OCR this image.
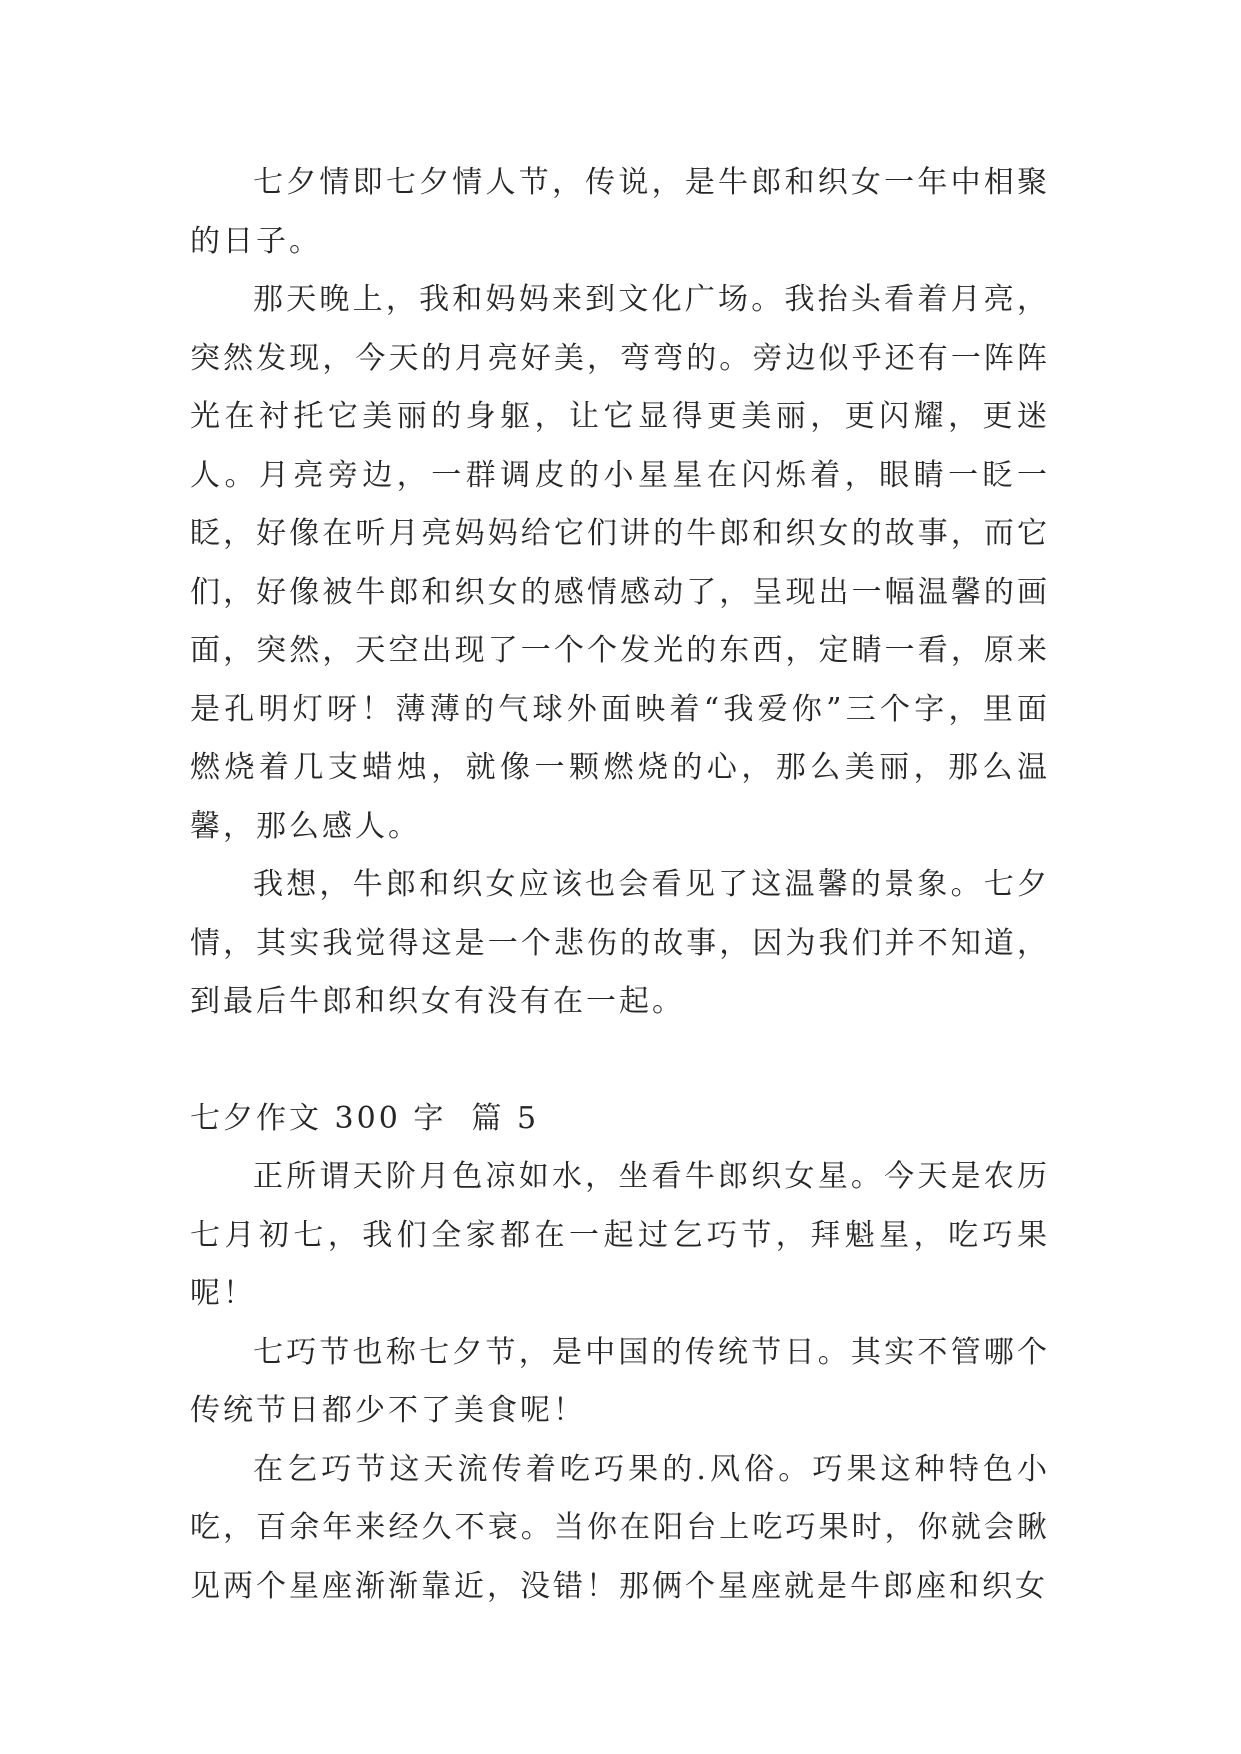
七夕情即七夕情人节，传说，是牛郎和织女一年中相聚的日子。

那天晚上，我和妈妈来到文化广场。我抬头看着月亮，突然发现，今天的月亮好美，弯弯的。旁边似乎还有一阵阵光在衬托它美丽的身躯，让它显得更美丽，更闪耀，更迷人。月亮旁边，一群调皮的小星星在闪烁着，眼睛一眨一眨，好像在听月亮妈妈给它们讲的牛郎和织女的故事，而它们，好像被牛郎和织女的感情感动了，呈现出一幅温馨的画面，突然，天空出现了一个个发光的东西，定睛一看，原来是孔明灯呀！薄薄的气球外面映着“我爱你”三个字，里面燃烧着几支蜡烛，就像一颗燃烧的心，那么美丽，那么温馨，那么感人。

我想，牛郎和织女应该也会看见了这温馨的景象。七夕情，其实我觉得这是一个悲伤的故事，因为我们并不知道，到最后牛郎和织女有没有在一起。

七夕作文 300 字  篇 5

正所谓天阶月色凉如水，坐看牛郎织女星。今天是农历七月初七，我们全家都在一起过乞巧节，拜魁星，吃巧果呢！

七巧节也称七夕节，是中国的传统节日。其实不管哪个传统节日都少不了美食呢！

在乞巧节这天流传着吃巧果的.风俗。巧果这种特色小吃，百余年来经久不衰。当你在阳台上吃巧果时，你就会瞅见两个星座渐渐靠近，没错！那俩个星座就是牛郎座和织女
